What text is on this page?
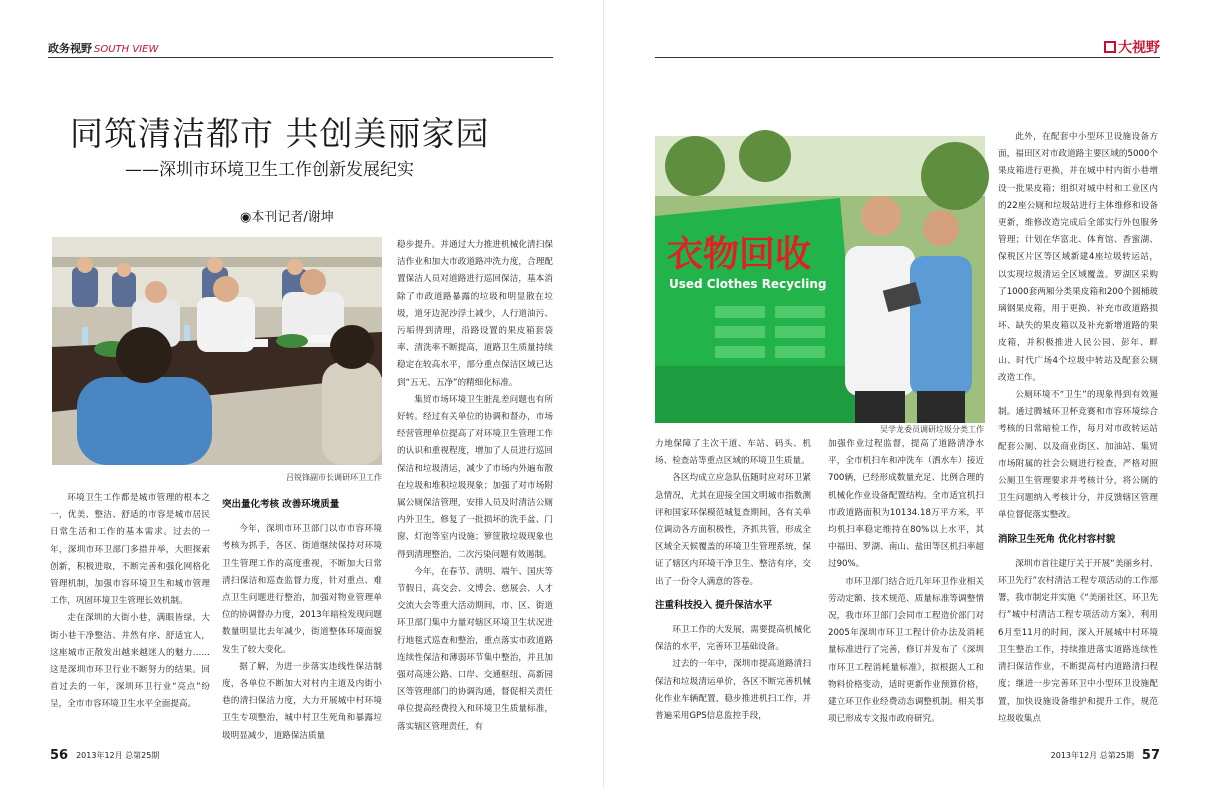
政务视野 SOUTH VIEW
同筑清洁都市 共创美丽家园
——深圳市环境卫生工作创新发展纪实
◉本刊记者/谢坤
吕锐锋副市长调研环卫工作

环境卫生工作都是城市管理的根本之一，优美、整洁、舒适的市容是城市居民日常生活和工作的基本需求。过去的一年，深圳市环卫部门多措并举，大胆探索创新，积极进取，不断完善和强化网格化管理机制，加强市容环境卫生和城市管理工作，巩固环境卫生管理长效机制。

走在深圳的大街小巷，满眼皆绿，大街小巷干净整洁、井然有序、舒适宜人，这座城市正散发出越来越迷人的魅力……这是深圳市环卫行业不断努力的结果。回首过去的一年，深圳环卫行业“亮点”纷呈，全市市容环境卫生水平全面提高。

突出量化考核 改善环境质量

今年，深圳市环卫部门以市市容环境考核为抓手，各区、街道继续保持对环境卫生管理工作的高度重视，不断加大日常清扫保洁和巡查监督力度，针对重点、难点卫生问题进行整治，加强对物业管理单位的协调督办力度，2013年暗检发现问题数量明显比去年减少，街道整体环境面貌发生了较大变化。

据了解，为进一步落实违线性保洁制度，各单位不断加大对村内主道及内街小巷的清扫保洁力度，大力开展城中村环境卫生专项整治，城中村卫生死角和暴露垃圾明显减少，道路保洁质量

稳步提升。并通过大力推进机械化清扫保洁作业和加大市政道路冲洗力度，合理配置保洁人员对道路进行巡回保洁，基本消除了市政道路暴露的垃圾和明显散在垃圾，道牙边泥沙浮土减少，人行道油污、污垢得到清理，沿路设置的果皮箱套袋率、清洗率不断提高，道路卫生质量持续稳定在较高水平，部分重点保洁区域已达到“五无、五净”的精细化标准。

集贸市场环境卫生脏乱差问题也有所好转。经过有关单位的协调和督办，市场经营管理单位提高了对环境卫生管理工作的认识和重视程度，增加了人员进行巡回保洁和垃圾清运，减少了市场内外遍布散在垃圾和堆积垃圾现象；加强了对市场附属公厕保洁管理，安排人员及时清洁公厕内外卫生，修复了一批损坏的洗手盆、门窗、灯泡等室内设施；箩筐散垃圾现象也得到清理整治，二次污染问题有效遏制。

今年，在春节、清明、端午、国庆等节假日，高交会、文博会、慈展会、人才交流大会等重大活动期间，市、区、街道环卫部门集中力量对辖区环境卫生状况进行地毯式巡查和整治，重点落实市政道路连续性保洁和薄弱环节集中整治，并且加强对高速公路、口岸、交通枢纽、高新园区等管理部门的协调沟通，督促相关责任单位提高经费投入和环境卫生质量标准，落实辖区管理责任，有

56 2013年12月 总第25期
大视野
衣物回收
Used Clothes Recycling
吴学龙委员调研垃圾分类工作

力地保障了主次干道、车站、码头、机场、检查站等重点区域的环境卫生质量。

各区均成立应急队伍随时应对环卫紧急情况，尤其在迎接全国文明城市指数测评和国家环保模范城复查期间，各有关单位调动各方面积极性，齐抓共管，形成全区域全天候覆盖的环境卫生管理系统，保证了辖区内环境干净卫生、整洁有序，交出了一份令人满意的答卷。

注重科技投入 提升保洁水平

环卫工作的大发展，需要提高机械化保洁的水平，完善环卫基础设备。

过去的一年中，深圳市提高道路清扫保洁和垃圾清运单价，各区不断完善机械化作业车辆配置，稳步推进机扫工作，并普遍采用GPS信息监控手段，

加强作业过程监督，提高了道路清净水平，全市机扫车和冲洗车（洒水车）接近700辆，已经形成数量充足、比例合理的机械化作业设备配置结构。全市适宜机扫市政道路面积为10134.18万平方米，平均机扫率稳定维持在80%以上水平，其中福田、罗湖、南山、盐田等区机扫率超过90%。

市环卫部门结合近几年环卫作业相关劳动定额、技术规范、质量标准等调整情况，我市环卫部门会同市工程造价部门对2005年深圳市环卫工程计价办法及消耗量标准进行了完善，修订并发布了《深圳市环卫工程消耗量标准》，拟根据人工和物料价格变动，适时更新作业预算价格，建立环卫作业经费动态调整机制。相关事项已形成专文报市政府研究。

此外，在配套中小型环卫设施设备方面，福田区对市政道路主要区域的5000个果皮箱进行更换，并在城中村内街小巷增设一批果皮箱；组织对城中村和工业区内的22座公厕和垃圾站进行主体维修和设备更新，维修改造完成后全部实行外包服务管理；计划在华富北、体育馆、香蜜湖、保税区片区等区域新建4座垃圾转运站，以实现垃圾清运全区域覆盖。罗湖区采购了1000套两厢分类果皮箱和200个圆桶玻璃钢果皮箱，用于更换、补充市政道路损坏、缺失的果皮箱以及补充新增道路的果皮箱，并积极推进人民公园、彭年、畔山、时代广场4个垃圾中转站及配套公厕改造工作。

公厕环境不“卫生”的现象得到有效遏制。通过腾城环卫杯竞赛和市容环境综合考核的日常暗检工作，每月对市政转运站配套公厕、以及商业街区、加油站、集贸市场附属的社会公厕进行检查，严格对照公厕卫生管理要求并考核计分，将公厕的卫生问题纳入考核计分，并反馈辖区管理单位督促落实整改。

消除卫生死角 优化村容村貌

深圳市首往建厅关于开展“美丽乡村、环卫先行”农村清洁工程专项活动的工作部署，我市制定并实施《“美丽社区，环卫先行”城中村清洁工程专项活动方案》，利用6月至11月的时间，深入开展城中村环境卫生整治工作，持续推进落实道路连续性清扫保洁作业，不断提高村内道路清扫程度；继进一步完善环卫中小型环卫设施配置，加快设施设备维护和提升工作，规范垃圾收集点

2013年12月 总第25期 57
